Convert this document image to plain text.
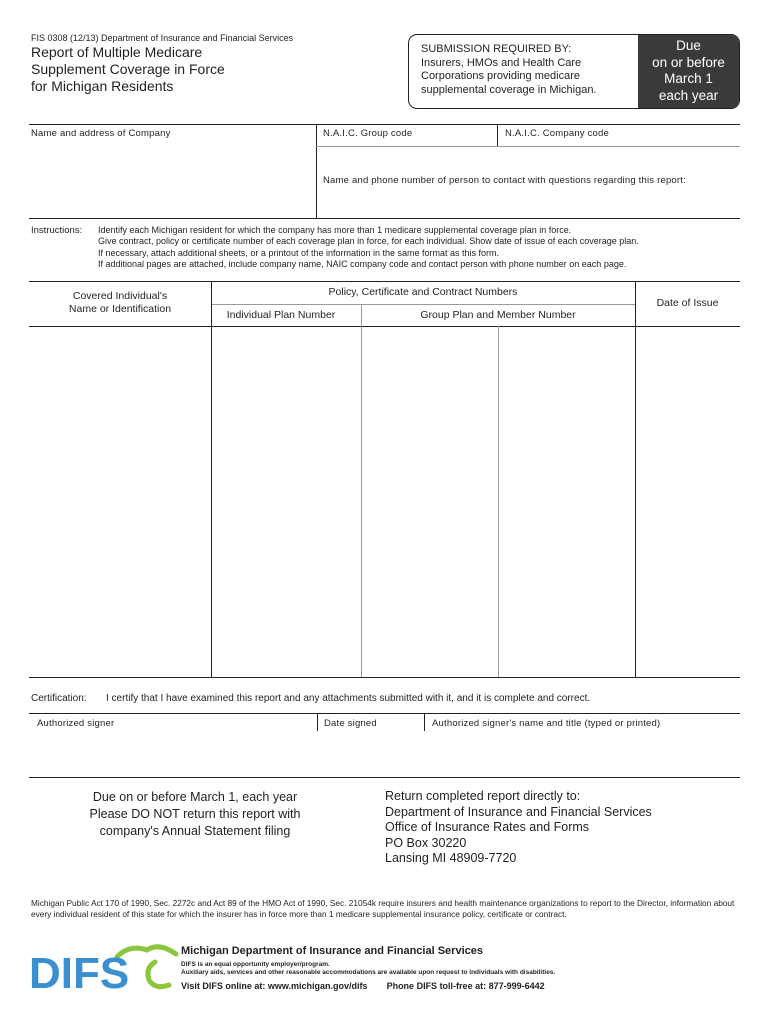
FIS 0308 (12/13) Department of Insurance and Financial Services
Report of Multiple Medicare
Supplement Coverage in Force
for Michigan Residents
SUBMISSION REQUIRED BY:
Insurers, HMOs and Health Care
Corporations providing medicare
supplemental coverage in Michigan.
Due
on or before
March 1
each year
Name and address of Company	N.A.I.C. Group code	N.A.I.C. Company code
Name and phone number of person to contact with questions regarding this report:
Instructions: Identify each Michigan resident for which the company has more than 1 medicare supplemental coverage plan in force.
Give contract, policy or certificate number of each coverage plan in force, for each individual. Show date of issue of each coverage plan.
If necessary, attach additional sheets, or a printout of the information in the same format as this form.
If additional pages are attached, include company name, NAIC company code and contact person with phone number on each page.
Covered Individual's
Name or Identification
Policy, Certificate and Contract Numbers
Individual Plan Number	Group Plan and Member Number
Date of Issue
Certification: I certify that I have examined this report and any attachments submitted with it, and it is complete and correct.
Authorized signer	Date signed	Authorized signer's name and title (typed or printed)
Due on or before March 1, each year
Please DO NOT return this report with
company's Annual Statement filing
Return completed report directly to:
Department of Insurance and Financial Services
Office of Insurance Rates and Forms
PO Box 30220
Lansing MI 48909-7720
Michigan Public Act 170 of 1990, Sec. 2272c and Act 89 of the HMO Act of 1990, Sec. 21054k require insurers and health maintenance organizations to report to the Director, information about every individual resident of this state for which the insurer has in force more than 1 medicare supplemental insurance policy, certificate or contract.
DIFS	Michigan Department of Insurance and Financial Services
DIFS is an equal opportunity employer/program.
Auxiliary aids, services and other reasonable accommodations are available upon request to individuals with disabilities.
Visit DIFS online at: www.michigan.gov/difs Phone DIFS toll-free at: 877-999-6442
